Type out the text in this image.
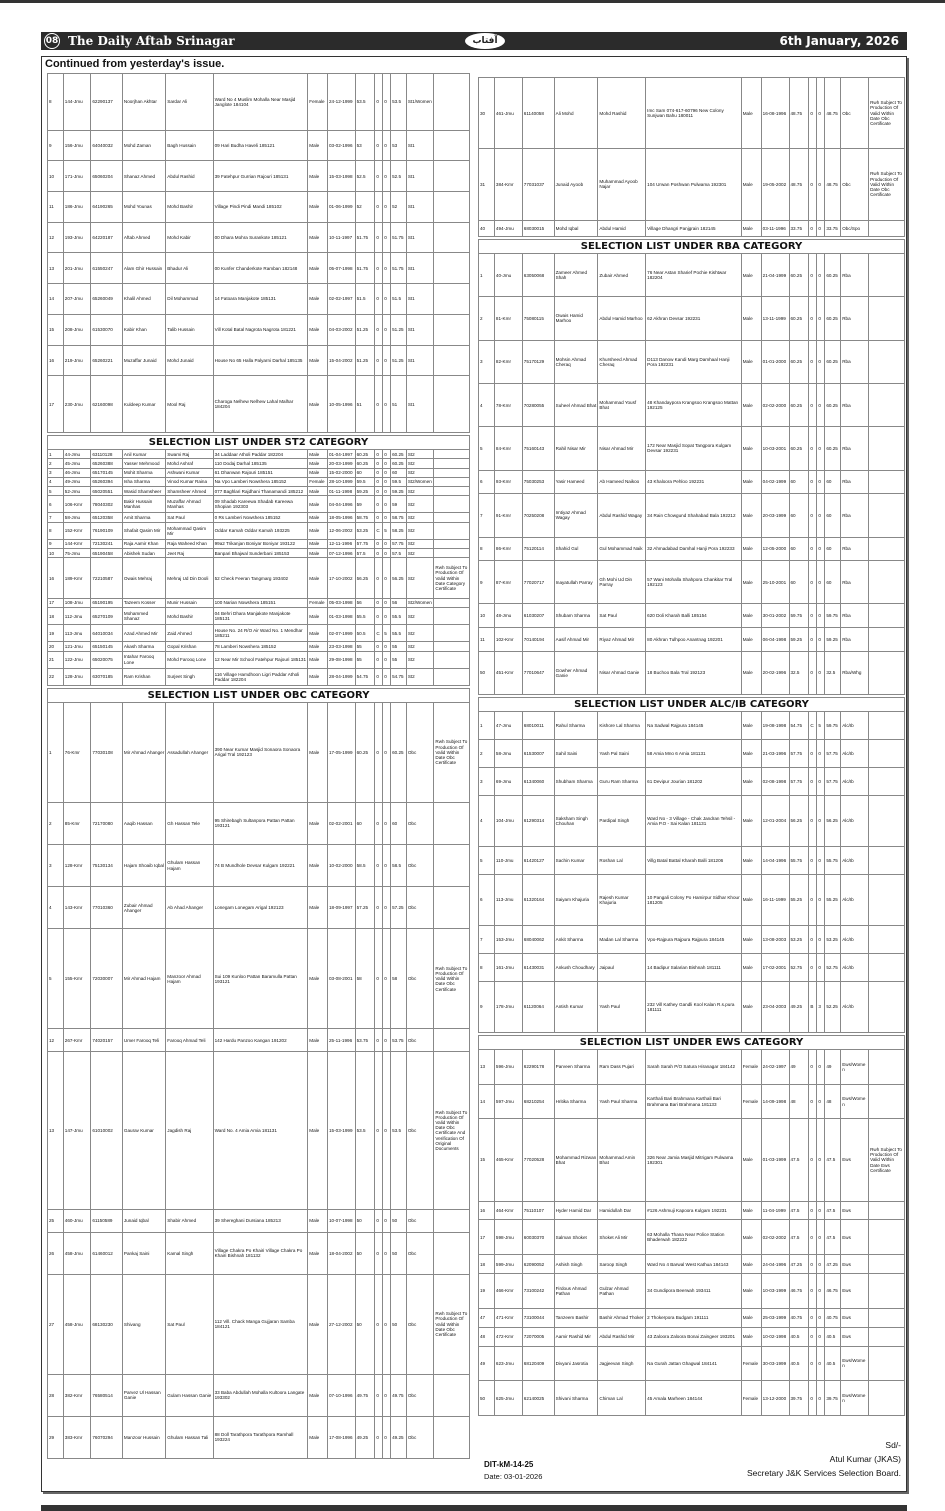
08 The Daily Aftab Srinagar	آفتاب	6th January, 2026
Continued from yesterday's issue.
8	144-Jmu	62290137	Noorjhan Akhtar	Sardar Ali	Ward No 4 Muslim Mohalla Near Masjid Janglote 184104	Female	24-12-1999	53.5	0	0	53.5	St1/Women	
9	156-Jmu	64040032	Mohd Zaman	Bagh Hussain	09 Hari Budha Haveli 185121	Male	03-02-1996	53	0	0	53	St1	
10	171-Jmu	65060204	Shanaz Ahmed	Abdul Rashid	39 Fatehpur Gurrian Rajouri 185131	Male	15-03-1998	52.5	0	0	52.5	St1	
11	186-Jmu	64190265	Mohd Younas	Mohd Bashir	Village Pindi Pindi Mandi 185102	Male	01-06-1999	52	0	0	52	St1	
12	193-Jmu	64220187	Aftab Ahmed	Mohd Kabir	00 Dhara Mohra Surankote 185121	Male	10-11-1997	51.75	0	0	51.75	St1	
13	201-Jmu	61550247	Alam Ghir Hussain	Bhadur Ali	00 Kunfer Chanderkote Ramban 182148	Male	05-07-1998	51.75	0	0	51.75	St1	
14	207-Jmu	65260049	Khalil Ahmed	Dil Mohammad	14 Fatoara Manjakote 185131	Male	02-02-1997	51.5	0	0	51.5	St1	
15	208-Jmu	61530070	Kabir Khan	Talib Hussain	Vill Kotal Batal Nagrota Nagrota 181221	Male	04-03-2002	51.25	0	0	51.25	St1	
16	219-Jmu	65260221	Muzaffar Junaid	Mohd Junaid	House No 65 Halla Palyarni Darhal 185135	Male	15-04-2002	51.25	0	0	51.25	St1	
17	230-Jmu	62160098	Kuldeep Kumar	Mool Raj	Charoga Nelhew Nelhew Lahal Malhar 184204	Male	10-05-1996	51	0	0	51	St1	
SELECTION LIST UNDER ST2 CATEGORY
1	44-Jmu	63110128	Anil Kumar	Swami Raj	34 Laddaar Atholi Paddar 182204	Male	01-04-1997	60.25	0	0	60.25	St2	
2	45-Jmu	65260388	Yasser Mehmood	Mohd Ashraf	110 Dodaj Darhal 185135	Male	20-03-1999	60.25	0	0	60.25	St2	
3	46-Jmu	65170145	Mohit Sharma	Ashwani Kumar	61 Dhanwan Rajouri 185151	Male	15-02-2000	60	0	0	60	St2	
4	49-Jmu	65260394	Isha Sharma	Vinod Kumar Raina	Na Vpo Lamberi Nowshera 185152	Female	28-10-1999	59.5	0	0	59.5	St2/Women	
5	52-Jmu	65020551	Wasid Shamsheer	Shamsheer Ahmed	077 Baghlari Rajdhani Thanamandi 185212	Male	01-11-1998	59.25	0	0	59.25	St2	
6	106-Kmr	78040302	Bakir Hussain Manhas	Muzaffar Ahmad Manhas	09 Shadab Kareewa Shadab Kareewa Shopian 192303	Male	04-04-1996	59	0	0	59	St2	
7	58-Jmu	65120358	Amit Sharma	Sat Paul	0 Rs Lamberi Nowshera 185152	Male	18-05-1996	58.75	0	0	58.75	St2	
8	152-Kmr	76190109	Shafait Qasim Mir	Mohammad Qasim Mir	Oddar Kamah Oddar Kamah 193225	Male	12-06-2002	53.25	C	5	58.25	St2	
9	144-Kmr	72130241	Raja Aamir Khan	Raja Waheed Khan	99a2 Trikanjan Boniyar Boniyar 193122	Male	12-11-1996	57.75	0	0	57.75	St2	
10	75-Jmu	65190458	Abishek Sudan	Jeet Raj	Banpari Bhajwal Sunderbani 185153	Male	07-12-1996	57.5	0	0	57.5	St2	
16	189-Kmr	72210587	Owais Mehraj	Mehraj Ud Din Dooli	52 Check Feeran Tangmarg 193402	Male	17-10-2002	56.25	0	0	56.25	St2	Rwh Subject To Production Of Valid Within Date Category Certificate
17	108-Jmu	65190195	Tazeem Kosser	Munir Hussain	100 Narian Nowshera 185151	Female	05-03-1998	56	0	0	56	St2/Women	
18	112-Jmu	65270109	Mohammed Shanaz	Mohd Bashir	04 Behri Dhara Manjakote Manjakote 185131	Male	01-03-1998	55.5	0	0	55.5	St2	
19	113-Jmu	64010034	Azad Ahmed Mir	Zaid Ahmed	House No. 24 R/O Air Ward No. 1 Mendhar 185211	Male	02-07-1999	50.5	C	5	55.5	St2	
20	121-Jmu	65150145	Akash Sharma	Gopal Krishan	78 Lamberi Nowshera 185152	Male	23-03-1998	55	0	0	55	St2	
21	122-Jmu	65020075	Intahar Farooq Lone	Mohd Farooq Lone	12 Near Mir School Fatehpur Rajouri 185131	Male	29-08-1998	55	0	0	55	St2	
22	128-Jmu	63070185	Ram Krishan	Surjeet Singh	116 Village Hamdhoon Ligri Paddar Atholi Paddar 182204	Male	28-04-1999	54.75	0	0	54.75	St2	
SELECTION LIST UNDER OBC CATEGORY
1	76-Kmr	77030108	Mir Ahmad Ahanger	Assadullah Ahanger	390 Near Kumar Masjid Sonaora Sonaora Arigal Tral 192123	Male	17-05-1999	60.25	0	0	60.25	Obc	Rwh Subject To Production Of Valid Within Date Obc Certificate
2	85-Kmr	72170080	Aaqib Hassan	Gh Hassan Tele	95 Shirebagh Sultanpora Pattan Pattan 193121	Male	02-02-2001	60	0	0	60	Obc	
3	128-Kmr	75130134	Hajam Shoaib Iqbal	Ghulam Hassan Hajam	74 B Mundhole Devsar Kulgam 192221	Male	10-02-2000	58.5	0	0	58.5	Obc	
4	143-Kmr	77010360	Zubair Ahmad Ahanger	Ab Ahad Ahanger	Lonegam Lonegam Arigal 192123	Male	18-09-1997	57.25	0	0	57.25	Obc	
5	155-Kmr	72030007	Mir Ahmad Hajam	Manzoor Ahmad Hajam	Sui 109 Kunloo Pattan Baramulla Pattan 193121	Male	03-08-2001	58	0	0	58	Obc	Rwh Subject To Production Of Valid Within Date Obc Certificate
12	267-Kmr	74020157	Umer Farooq Teli	Farooq Ahmad Teli	142 Hardu Panzoo Kangan 191202	Male	25-11-1996	53.75	0	0	53.75	Obc	
13	147-Jmu	61010002	Gaurav Kumar	Jagdish Raj	Ward No. 4 Amia Amia 181131	Male	15-03-1999	53.5	0	0	53.5	Obc	Rwh Subject To Production Of Valid Within Date Obc Certificate And Verification Of Original Documents
25	460-Jmu	61150589	Junaid Iqbal	Shabir Ahmed	39 Shereghani Dursiana 185213	Male	10-07-1998	50	0	0	50	Obc	
26	458-Jmu	61460012	Pankaj Saini	Kamal Singh	Village Chakra Po Khairi Village Chakra Po Khairi Bishnah 181132	Male	18-04-2002	50	0	0	50	Obc	
27	458-Jmu	68130230	Shivang	Sat Paul	112 Vill. Chack Manga Gujjaran Samba 184121	Male	27-12-2002	50	0	0	50	Obc	Rwh Subject To Production Of Valid Within Date Obc Certificate
28	382-Kmr	76580514	Parvez Ul Hassan Ganie	Gulam Hassan Ganie	33 Baba Abdullah Mohalla Kultoora Langate 193302	Male	07-10-1996	49.75	0	0	49.75	Obc	
29	383-Kmr	76070294	Manzoor Hussain	Ghulam Hassan Tali	88 Doll Tarathpora Tarathpora Ramhall 193224	Male	17-08-1996	49.25	0	0	49.25	Obc	
30	461-Jmu	61140058	Ali Mohd	Mohd Rashid	Imc Sam 074-617-60796 New Colony Sunjwan Bahu 180011	Male	16-08-1996	48.75	0	0	48.75	Obc	Rwh Subject To Production Of Valid Within Date Obc Certificate
31	384-Kmr	77031037	Junaid Ayoob	Muhammad Ayoob Najar	104 Urwan Poshwan Pulwama 192301	Male	19-05-2002	48.75	0	0	48.75	Obc	Rwh Subject To Production Of Valid Within Date Obc Certificate
40	494-Jmu	68030015	Mohd Iqbal	Abdul Hamid	Village Dhangri Panjgrain 182145	Male	03-11-1996	33.75	0	0	33.75	Obc/Spo	
SELECTION LIST UNDER RBA CATEGORY
1	40-Jmu	63050068	Zameer Ahmed Shah	Zubair Ahmed	76 Near Astan Sharief Pochie Kishtwar 182204	Male	21-04-1999	60.25	0	0	60.25	Rba	
2	81-Kmr	75080115	Owais Hamid Marhoo	Abdul Hamid Marhoo	62 Akhran Devsar 192231	Male	13-11-1999	60.25	0	0	60.25	Rba	
3	82-Kmr	75170129	Mohsin Ahmad Cheraq	Khursheed Ahmad Cheraq	D113 Danow Kandi Marg Damhaal Hanji Pora 192231	Male	01-01-2000	60.25	0	0	60.25	Rba	
4	78-Kmr	70280055	Suheel Ahmad Bhat	Mohammad Yousf Bhat	48 Khandaypora Krangsoo Krangsoo Mattan 192125	Male	02-02-2000	60.25	0	0	60.25	Rba	
5	84-Kmr	75160143	Rahil Nisar Mir	Nisar Ahmad Mir	172 Near Masjid Sopat Tangpora Kulgam Devsar 192231	Male	10-03-2001	60.25	0	0	60.25	Rba	
6	93-Kmr	75030253	Yasir Hameed	Ab Hameed Naikoo	43 Khaloora Pehloo 192231	Male	04-02-1999	60	0	0	60	Rba	
7	91-Kmr	70250208	Imtiyaz Ahmad Wagay	Abdul Rashid Wagay	34 Rain Chowgund Shahabad Bala 192212	Male	20-03-1999	60	0	0	60	Rba	
8	86-Kmr	75120114	Shahid Gul	Gul Mohammad Naik	32 Ahmadabad Damhal Hanji Pora 192233	Male	12-05-2000	60	0	0	60	Rba	
9	87-Kmr	77020717	Inayatullah Parray	Gh Mohi Ud Din Parray	57 Wani Mohalla Shahpora Chankitar Tral 192123	Male	25-10-2001	60	0	0	60	Rba	
10	48-Jmu	61030207	Shubam Sharma	Sat Paul	620 Doli Kharah Balli 185154	Male	30-01-2002	59.75	0	0	59.75	Rba	
11	102-Kmr	70140194	Aasif Ahmad Mir	Riyaz Ahmad Mir	80 Akhran Tulhpoo Anantnag 192201	Male	06-04-1998	59.25	0	0	59.25	Rba	
50	451-Kmr	77010647	Gowher Ahmad Ganie	Nisar Ahmad Ganie	18 Buchoo Bala Tral 192123	Male	20-02-1996	32.5	0	0	32.5	Rba/Whg	
SELECTION LIST UNDER ALC/IB CATEGORY
1	47-Jmu	68010011	Rahul Sharma	Kishore Lal Sharma	Na Sadwal Rajpura 184145	Male	19-08-1998	54.75	C	5	59.75	Alc/Ib	
2	58-Jmu	61530007	Sahil Saini	Yash Pal Saini	58 Amia Mno 6 Amia 181131	Male	21-03-1996	57.75	0	0	57.75	Alc/Ib	
3	69-Jmu	61340060	Shubham Sharma	Guru Ram Sharma	61 Devipur Jourian 181202	Male	02-08-1998	57.75	0	0	57.75	Alc/Ib	
4	104-Jmu	61290314	Saksham Singh Chouhan	Pardipal Singh	Ward No - 3 Village - Chak Jandran Tehsil - Amia P.O - Sai Kalan 181131	Male	12-01-2004	56.25	0	0	56.25	Alc/Ib	
5	110-Jmu	61420127	Sachin Kumar	Roshan Lal	Villg Batal Battal Kharah Balli 181206	Male	14-04-1996	55.75	0	0	55.75	Alc/Ib	
6	113-Jmu	61320164	Saiyam Khajuria	Rajesh Kumar Khajuria	10 Pangali Colony Po Hamirpur Sidhar Khour 181205	Male	16-11-1999	55.25	0	0	55.25	Alc/Ib	
7	153-Jmu	68040062	Ankit Sharma	Madan Lal Sharma	Vpo-Rajpura Rajpura Rajpura 184145	Male	13-08-2003	53.25	0	0	53.25	Alc/Ib	
8	161-Jmu	61430031	Ankush Choudhary	Jaipaul	14 Badipur Salarian Bishnah 181111	Male	17-02-2001	52.75	0	0	52.75	Alc/Ib	
9	178-Jmu	61120064	Antish Kumar	Yash Paul	232 Vill Kathey Gandli Kool Kalan R.s.pura 181111	Male	23-04-2003	49.25	B	3	52.25	Alc/Ib	
SELECTION LIST UNDER EWS CATEGORY
13	596-Jmu	62290178	Parveen Sharma	Ram Dass Pujari	Sarah Sarah P/O Satura Hiranagar 184142	Female	24-02-1997	49	0	0	49	Ews/Women	
14	597-Jmu	68210254	Hritika Sharma	Yash Paul Sharma	Karthali Bari Brahmana Karthali Bari Brahmana Bari Brahmana 181133	Female	14-09-1998	48	0	0	48	Ews/Women	
15	465-Kmr	77020528	Mohammad Rizwan Bhat	Mohammad Amin Bhat	326 Near Jamia Masjid Mitrigam Pulwama 192301	Male	01-03-1999	47.5	0	0	47.5	Ews	Rwh Subject To Production Of Valid Within Date Ews Certificate
16	464-Kmr	75110107	Hyder Hamid Dar	Hamidullah Dar	#126 Ashmuji Kapoora Kulgam 192231	Male	11-04-1999	47.5	0	0	47.5	Ews	
17	598-Jmu	60030370	Salman Shoket	Shoket Ali Mir	63 Mohalla Thana Near Police Station Bhaderwah 182222	Male	02-02-2002	47.5	0	0	47.5	Ews	
18	599-Jmu	62090052	Ashish Singh	Saroop Singh	Ward No 4 Barwal West Kathua 184143	Male	24-04-1996	47.25	0	0	47.25	Ews	
19	466-Kmr	73100242	Firdous Ahmad Pathan	Gulzar Ahmad Pathan	34 Gundipora Beerwah 193411	Male	10-03-1999	46.75	0	0	46.75	Ews	
47	471-Kmr	73100044	Tanzeem Bashir	Bashir Ahmad Thoker	2 Thokerpora Budgam 191111	Male	25-03-1999	40.75	0	0	40.75	Ews	
48	472-Kmr	72070005	Aamir Rashid Mir	Abdul Rashid Mir	43 Zaloora Zaloora Bonai Zaingeer 193201	Male	10-02-1998	40.5	0	0	40.5	Ews	
49	623-Jmu	68120409	Divyani Jasrotia	Jagjeevan Singh	Na Gurah Jattan Ghagwal 184141	Female	30-03-1999	40.5	0	0	40.5	Ews/Women	
50	625-Jmu	62140025	Shivani Sharma	Chiman Lal	45 Amala Marheen 184144	Female	13-12-2000	39.75	0	0	39.75	Ews/Women	
DIT-kM-14-25
Date: 03-01-2026
Sd/-
Atul Kumar (JKAS)
Secretary J&K Services Selection Board.
